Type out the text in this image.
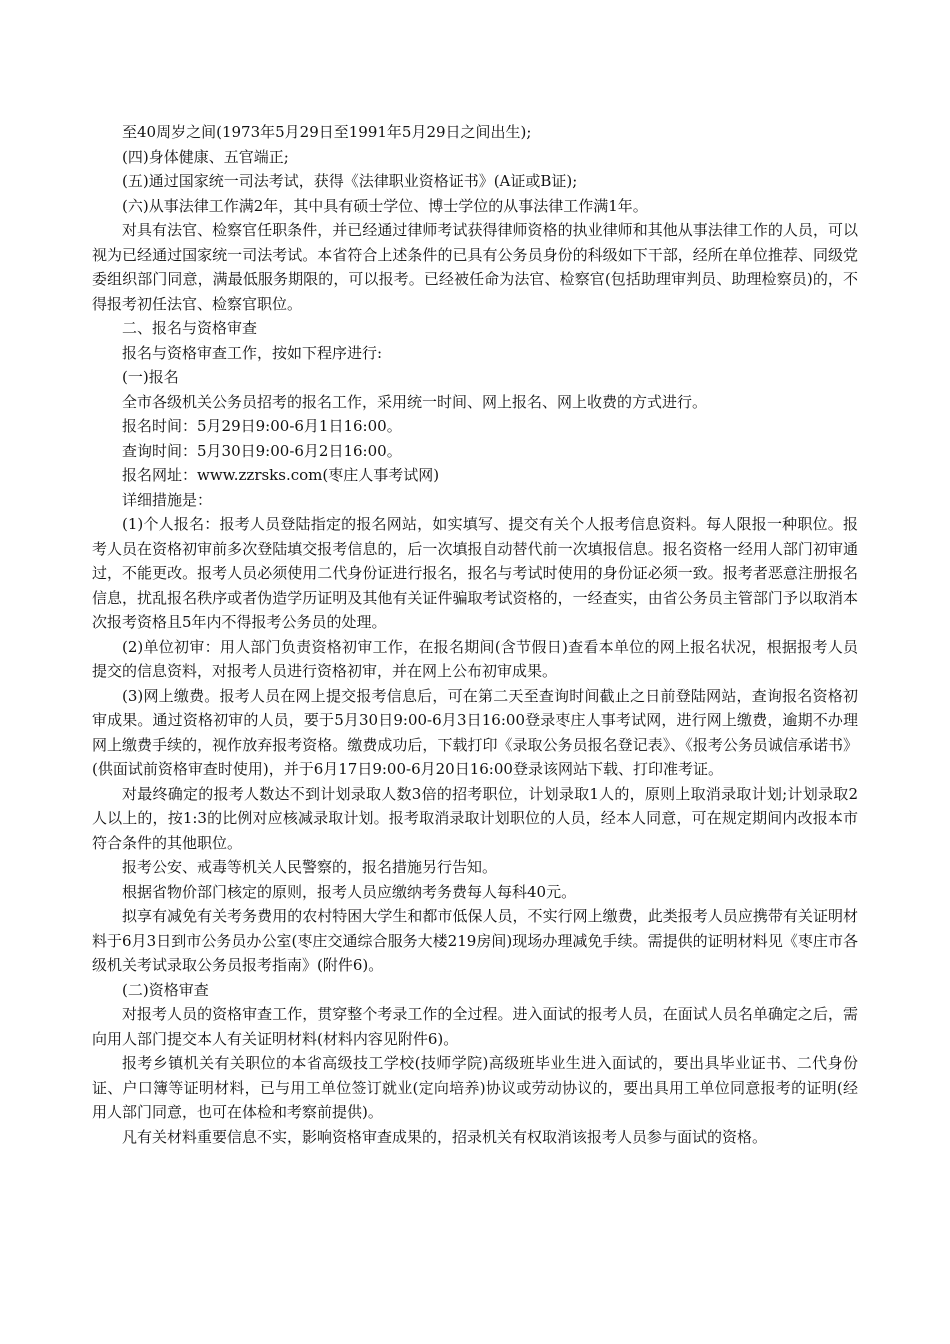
至40周岁之间(1973年5月29日至1991年5月29日之间出生);

(四)身体健康、五官端正;

(五)通过国家统一司法考试，获得《法律职业资格证书》(A证或B证);

(六)从事法律工作满2年，其中具有硕士学位、博士学位的从事法律工作满1年。

对具有法官、检察官任职条件，并已经通过律师考试获得律师资格的执业律师和其他从事法律工作的人员，可以视为已经通过国家统一司法考试。本省符合上述条件的已具有公务员身份的科级如下干部，经所在单位推荐、同级党委组织部门同意，满最低服务期限的，可以报考。已经被任命为法官、检察官(包括助理审判员、助理检察员)的，不得报考初任法官、检察官职位。

二、报名与资格审查

报名与资格审查工作，按如下程序进行:

(一)报名

全市各级机关公务员招考的报名工作，采用统一时间、网上报名、网上收费的方式进行。

报名时间：5月29日9:00-6月1日16:00。

查询时间：5月30日9:00-6月2日16:00。

报名网址：www.zzrsks.com(枣庄人事考试网)

详细措施是：

(1)个人报名：报考人员登陆指定的报名网站，如实填写、提交有关个人报考信息资料。每人限报一种职位。报考人员在资格初审前多次登陆填交报考信息的，后一次填报自动替代前一次填报信息。报名资格一经用人部门初审通过，不能更改。报考人员必须使用二代身份证进行报名，报名与考试时使用的身份证必须一致。报考者恶意注册报名信息，扰乱报名秩序或者伪造学历证明及其他有关证件骗取考试资格的，一经查实，由省公务员主管部门予以取消本次报考资格且5年内不得报考公务员的处理。

(2)单位初审：用人部门负责资格初审工作，在报名期间(含节假日)查看本单位的网上报名状况，根据报考人员提交的信息资料，对报考人员进行资格初审，并在网上公布初审成果。

(3)网上缴费。报考人员在网上提交报考信息后，可在第二天至查询时间截止之日前登陆网站，查询报名资格初审成果。通过资格初审的人员，要于5月30日9:00-6月3日16:00登录枣庄人事考试网，进行网上缴费，逾期不办理网上缴费手续的，视作放弃报考资格。缴费成功后，下载打印《录取公务员报名登记表》、《报考公务员诚信承诺书》(供面试前资格审查时使用)，并于6月17日9:00-6月20日16:00登录该网站下载、打印准考证。

对最终确定的报考人数达不到计划录取人数3倍的招考职位，计划录取1人的，原则上取消录取计划;计划录取2人以上的，按1:3的比例对应核减录取计划。报考取消录取计划职位的人员，经本人同意，可在规定期间内改报本市符合条件的其他职位。

报考公安、戒毒等机关人民警察的，报名措施另行告知。

根据省物价部门核定的原则，报考人员应缴纳考务费每人每科40元。

拟享有减免有关考务费用的农村特困大学生和都市低保人员，不实行网上缴费，此类报考人员应携带有关证明材料于6月3日到市公务员办公室(枣庄交通综合服务大楼219房间)现场办理减免手续。需提供的证明材料见《枣庄市各级机关考试录取公务员报考指南》(附件6)。

(二)资格审查

对报考人员的资格审查工作，贯穿整个考录工作的全过程。进入面试的报考人员，在面试人员名单确定之后，需向用人部门提交本人有关证明材料(材料内容见附件6)。

报考乡镇机关有关职位的本省高级技工学校(技师学院)高级班毕业生进入面试的，要出具毕业证书、二代身份证、户口簿等证明材料，已与用工单位签订就业(定向培养)协议或劳动协议的，要出具用工单位同意报考的证明(经用人部门同意，也可在体检和考察前提供)。

凡有关材料重要信息不实，影响资格审查成果的，招录机关有权取消该报考人员参与面试的资格。
